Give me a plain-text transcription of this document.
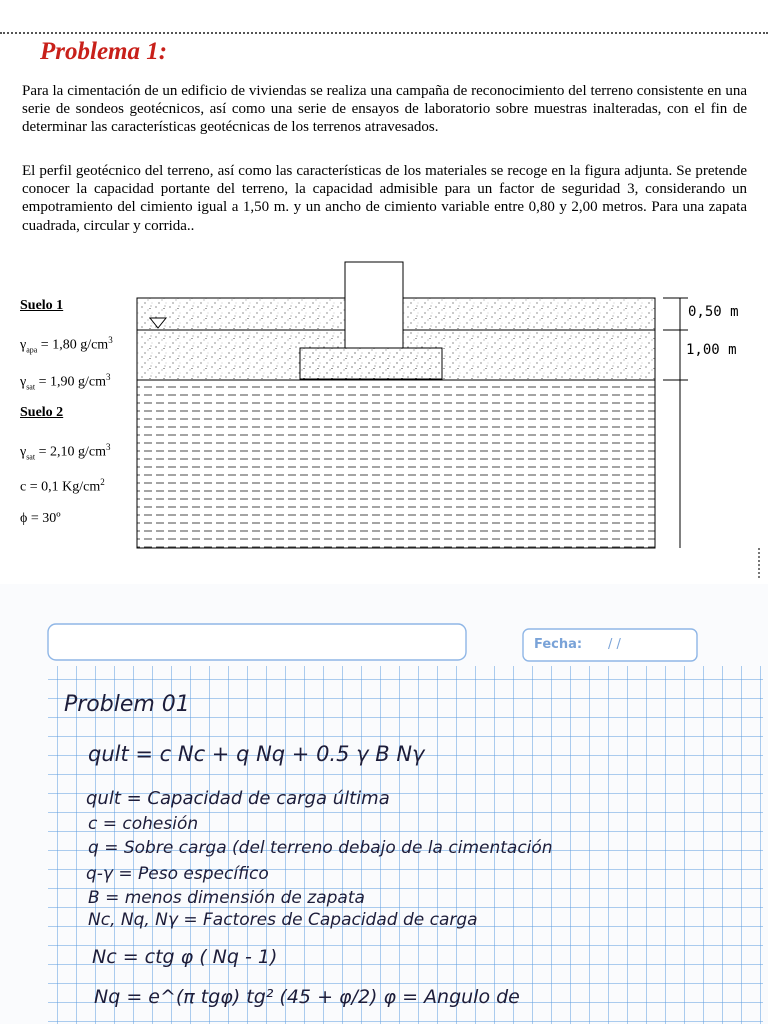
Problema 1:
Para la cimentación de un edificio de viviendas se realiza una campaña de reconocimiento del terreno consistente en una serie de sondeos geotécnicos, así como una serie de ensayos de laboratorio sobre muestras inalteradas, con el fin de determinar las características geotécnicas de los terrenos atravesados.
El perfil geotécnico del terreno, así como las características de los materiales se recoge en la figura adjunta. Se pretende conocer la capacidad portante del terreno, la capacidad admisible para un factor de seguridad 3, considerando un empotramiento del cimiento igual a 1,50 m. y un ancho de cimiento variable entre 0,80 y 2,00 metros. Para una zapata cuadrada, circular y corrida..
Suelo 1
$\gamma_{apa} = 1,80$ $g/cm^3$
$\gamma_{sat} = 1,90$ $g/cm^3$
Suelo 2
$\gamma_{sat} = 2,10$ $g/cm^3$
c = 0,1 $Kg/cm^2$
ϕ = 30º
0,50 m
1,00 m
Fecha: / /
Problem 01
qult = c Nc + q Nq + 0.5 γ B Nγ
qult = Capacidad de carga última
c = cohesión
q = Sobre carga (del terreno debajo de la cimentación
q-γ = Peso específico
B = menos dimensión de zapata
Nc, Nq, Nγ = Factores de Capacidad de carga
Nc = ctg φ ( Nq - 1)
Nq = e^(π tgφ) tg² (45 + φ/2) φ = Angulo de
